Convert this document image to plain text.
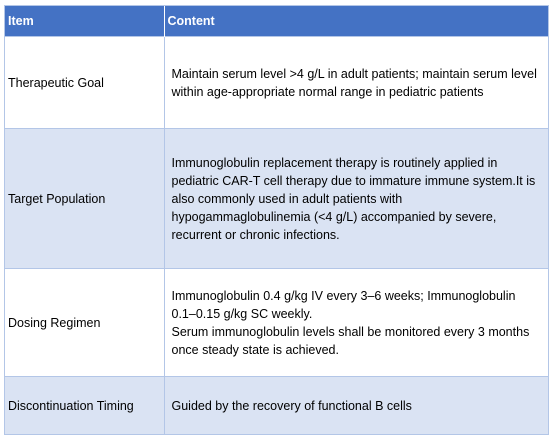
Item	Content
Therapeutic Goal	Maintain serum level >4 g/L in adult patients; maintain serum level within age-appropriate normal range in pediatric patients
Target Population	Immunoglobulin replacement therapy is routinely applied in pediatric CAR-T cell therapy due to immature immune system.It is also commonly used in adult patients with hypogammaglobulinemia (<4 g/L) accompanied by severe, recurrent or chronic infections.
Dosing Regimen	Immunoglobulin 0.4 g/kg IV every 3–6 weeks; Immunoglobulin 0.1–0.15 g/kg SC weekly.
Serum immunoglobulin levels shall be monitored every 3 months once steady state is achieved.

Discontinuation Timing	Guided by the recovery of functional B cells
